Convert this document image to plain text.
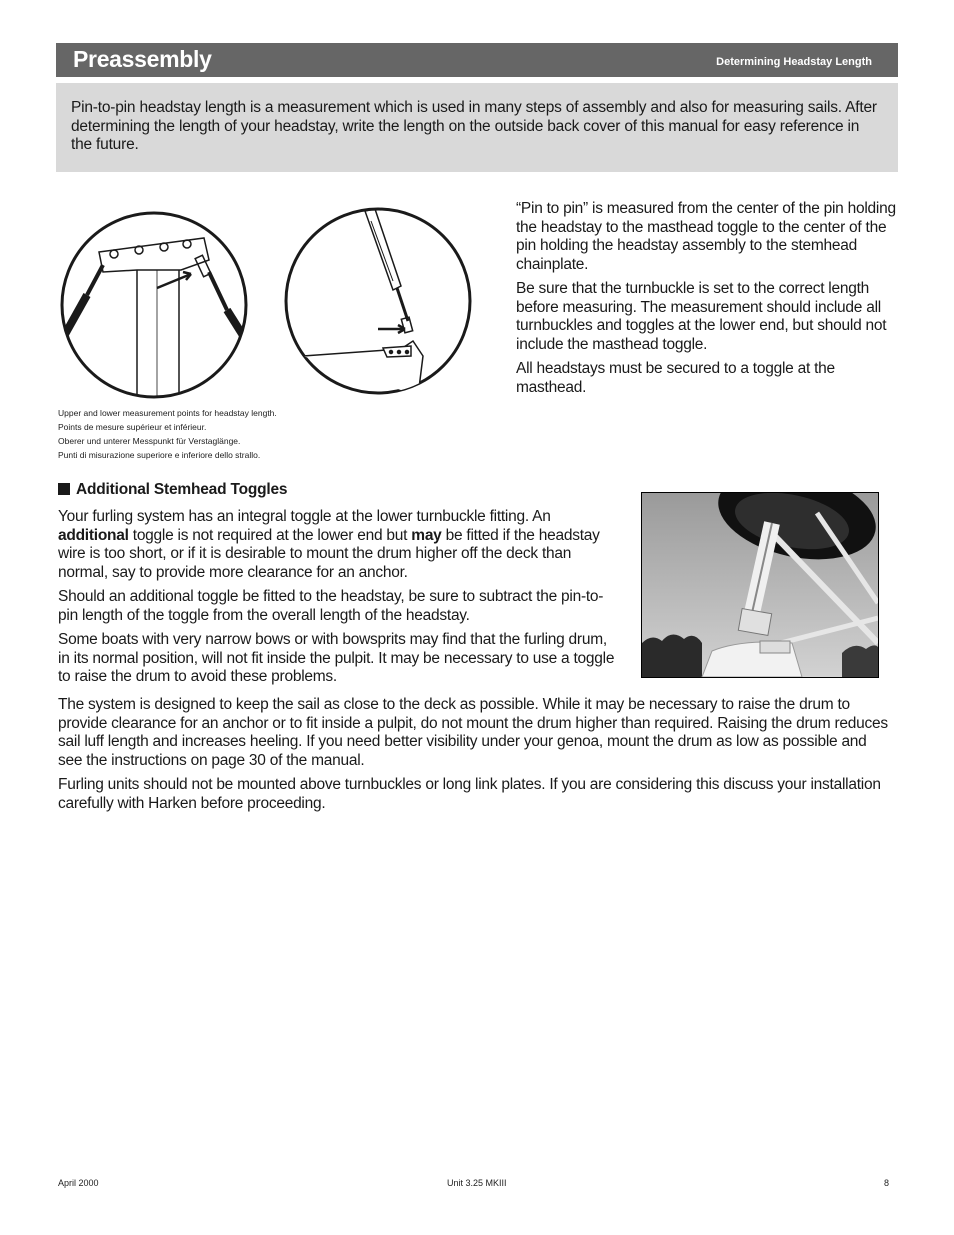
Preassembly	Determining Headstay Length
Pin-to-pin headstay length is a measurement which is used in many steps of assembly and also for measuring sails. After determining the length of your headstay, write the length on the outside back cover of this manual for easy reference in the future.
Upper and lower measurement points for headstay length.
Points de mesure supérieur et inférieur.
Oberer und unterer Messpunkt für Verstaglänge.
Punti di misurazione superiore e inferiore dello strallo.

“Pin to pin” is measured from the center of the pin holding the headstay to the masthead toggle to the center of the pin holding the headstay assembly to the stemhead chainplate.

Be sure that the turnbuckle is set to the correct length before measuring. The measurement should include all turnbuckles and toggles at the lower end, but should not include the masthead toggle.

All headstays must be secured to a toggle at the masthead.

Additional Stemhead Toggles

Your furling system has an integral toggle at the lower turnbuckle fitting. An additional toggle is not required at the lower end but may be fitted if the headstay wire is too short, or if it is desirable to mount the drum higher off the deck than normal, say to provide more clearance for an anchor.

Should an additional toggle be fitted to the headstay, be sure to subtract the pin-to-pin length of the toggle from the overall length of the headstay.

Some boats with very narrow bows or with bowsprits may find that the furling drum, in its normal position, will not fit inside the pulpit. It may be necessary to use a toggle to raise the drum to avoid these problems.

The system is designed to keep the sail as close to the deck as possible. While it may be necessary to raise the drum to provide clearance for an anchor or to fit inside a pulpit, do not mount the drum higher than required. Raising the drum reduces sail luff length and increases heeling. If you need better visibility under your genoa, mount the drum as low as possible and see the instructions on page 30 of the manual.

Furling units should not be mounted above turnbuckles or long link plates. If you are considering this discuss your installation carefully with Harken before proceeding.

April 2000	Unit 3.25 MKIII	8
